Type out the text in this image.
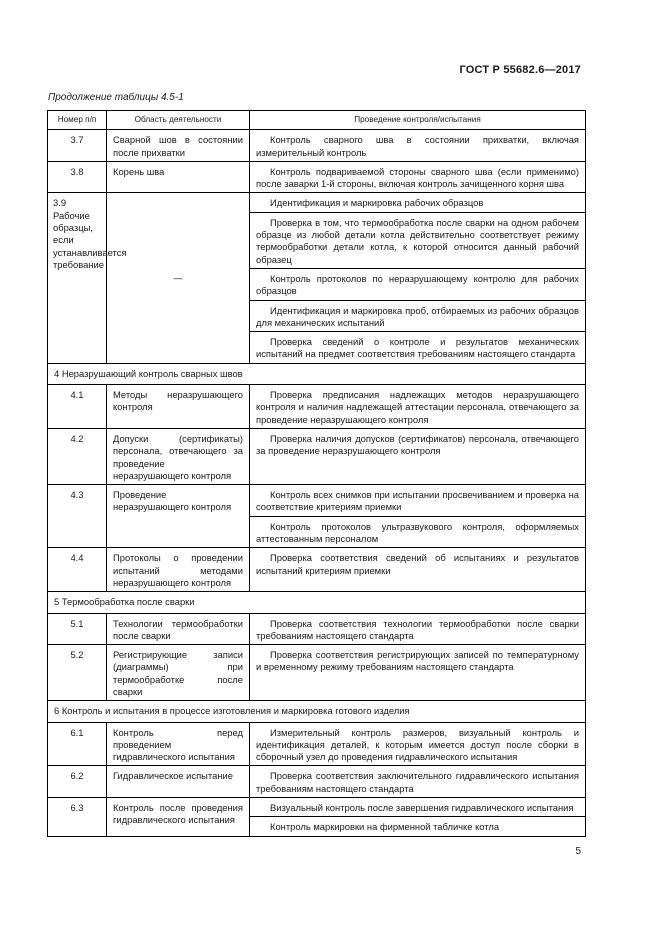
ГОСТ Р 55682.6—2017
Продолжение таблицы 4.5-1
Номер п/п	Область деятельности	Проведение контроля/испытания
3.7	Сварной шов в состоянии после прихватки	Контроль сварного шва в состоянии прихватки, включая измерительный контроль
3.8	Корень шва	Контроль подвариваемой стороны сварного шва (если применимо) после заварки 1-й стороны, включая контроль зачищенного корня шва
3.9 Рабочие образцы, если устанавливается требование	—	Идентификация и маркировка рабочих образцов
		Проверка в том, что термообработка после сварки на одном рабочем образце из любой детали котла действительно соответствует режиму термообработки детали котла, к которой относится данный рабочий образец
		Контроль протоколов по неразрушающему контролю для рабочих образцов
		Идентификация и маркировка проб, отбираемых из рабочих образцов для механических испытаний
		Проверка сведений о контроле и результатов механических испытаний на предмет соответствия требованиям настоящего стандарта
4 Неразрушающий контроль сварных швов		
4.1	Методы неразрушающего контроля	Проверка предписания надлежащих методов неразрушающего контроля и наличия надлежащей аттестации персонала, отвечающего за проведение неразрушающего контроля
4.2	Допуски (сертификаты) персонала, отвечающего за проведение неразрушающего контроля	Проверка наличия допусков (сертификатов) персонала, отвечающего за проведение неразрушающего контроля
4.3	Проведение неразрушающего контроля	Контроль всех снимков при испытании просвечиванием и проверка на соответствие критериям приемки
		Контроль протоколов ультразвукового контроля, оформляемых аттестованным персоналом
4.4	Протоколы о проведении испытаний методами неразрушающего контроля	Проверка соответствия сведений об испытаниях и результатов испытаний критериям приемки
5 Термообработка после сварки		
5.1	Технологии термообработки после сварки	Проверка соответствия технологии термообработки после сварки требованиям настоящего стандарта
5.2	Регистрирующие записи (диаграммы) при термообработке после сварки	Проверка соответствия регистрирующих записей по температурному и временному режиму требованиям настоящего стандарта
6 Контроль и испытания в процессе изготовления и маркировка готового изделия		
6.1	Контроль перед проведением гидравлического испытания	Измерительный контроль размеров, визуальный контроль и идентификация деталей, к которым имеется доступ после сборки в сборочный узел до проведения гидравлического испытания
6.2	Гидравлическое испытание	Проверка соответствия заключительного гидравлического испытания требованиям настоящего стандарта
6.3	Контроль после проведения гидравлического испытания	Визуальный контроль после завершения гидравлического испытания
		Контроль маркировки на фирменной табличке котла
5
